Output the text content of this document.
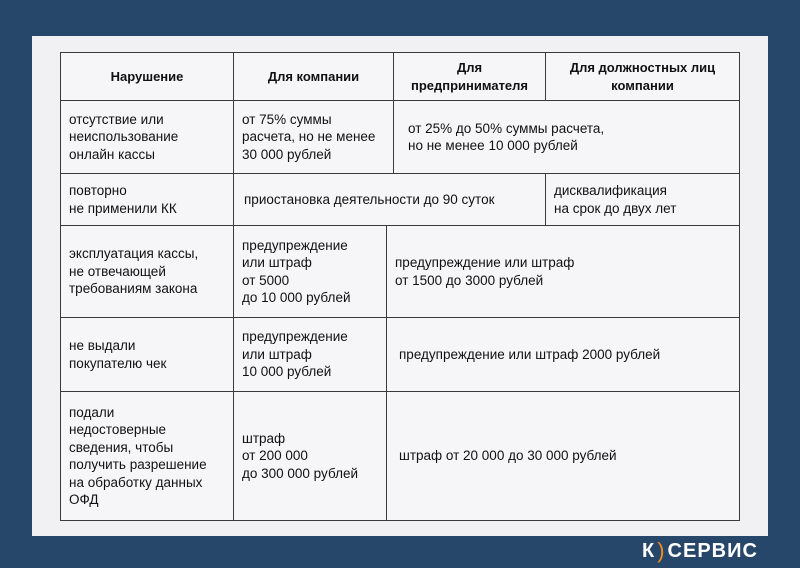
Нарушение	Для компании
Для
предпринимателя
Для должностных лиц
компании
отсутствие или
неиспользование
онлайн кассы
от 75% суммы
расчета, но не менее
30 000 рублей
от 25% до 50% суммы расчета,
но не менее 10 000 рублей
повторно
не применили КК
приостановка деятельности до 90 суток
дисквалификация
на срок до двух лет
эксплуатация кассы,
не отвечающей
требованиям закона
предупреждение
или штраф
от 5000
до 10 000 рублей
предупреждение или штраф
от 1500 до 3000 рублей
не выдали
покупателю чек
предупреждение
или штраф
10 000 рублей
предупреждение или штраф 2000 рублей
подали
недостоверные
сведения, чтобы
получить разрешение
на обработку данных
ОФД
штраф
от 200 000
до 300 000 рублей
штраф от 20 000 до 30 000 рублей
К ) СЕРВИС
